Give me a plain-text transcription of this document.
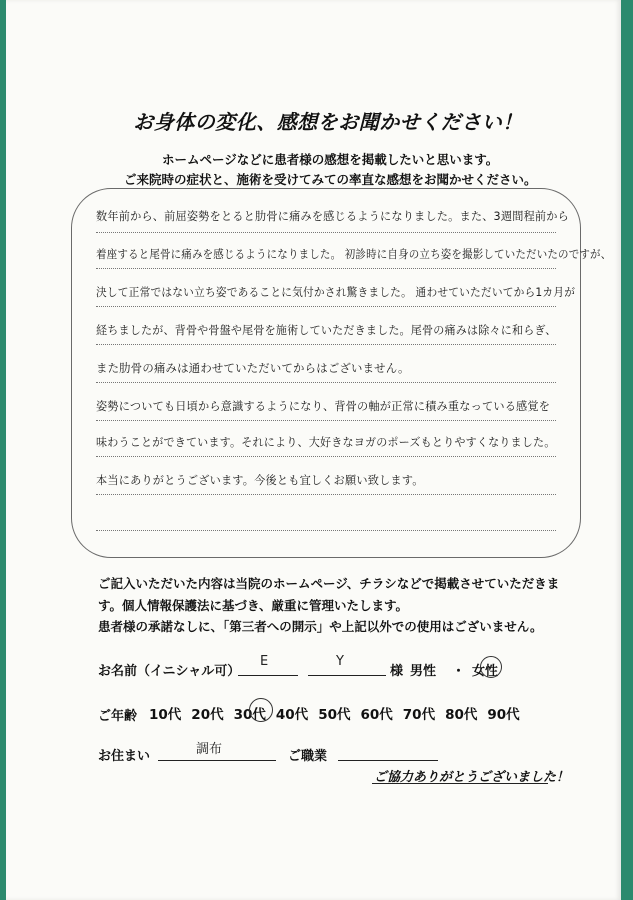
お身体の変化、感想をお聞かせください！
ホームページなどに患者様の感想を掲載したいと思います。
ご来院時の症状と、施術を受けてみての率直な感想をお聞かせください。
数年前から、前屈姿勢をとると肋骨に痛みを感じるようになりました。また、3週間程前から
着座すると尾骨に痛みを感じるようになりました。 初診時に自身の立ち姿を撮影していただいたのですが、
決して正常ではない立ち姿であることに気付かされ驚きました。 通わせていただいてから1カ月が
経ちましたが、背骨や骨盤や尾骨を施術していただきました。尾骨の痛みは除々に和らぎ、
また肋骨の痛みは通わせていただいてからはございません。
姿勢についても日頃から意識するようになり、背骨の軸が正常に積み重なっている感覚を
味わうことができています。それにより、大好きなヨガのポーズもとりやすくなりました。
本当にありがとうございます。今後とも宜しくお願い致します。
ご記入いただいた内容は当院のホームページ、チラシなどで掲載させていただきま
す。個人情報保護法に基づき、厳重に管理いたします。
患者様の承諾なしに、「第三者への開示」や上記以外での使用はございません。
お名前（イニシャル可）
E	Y
様 男性 ・ 女性
ご年齢 10代 20代 30代 40代 50代 60代 70代 80代 90代
お住まい	調布	ご職業
ご協力ありがとうございました！
